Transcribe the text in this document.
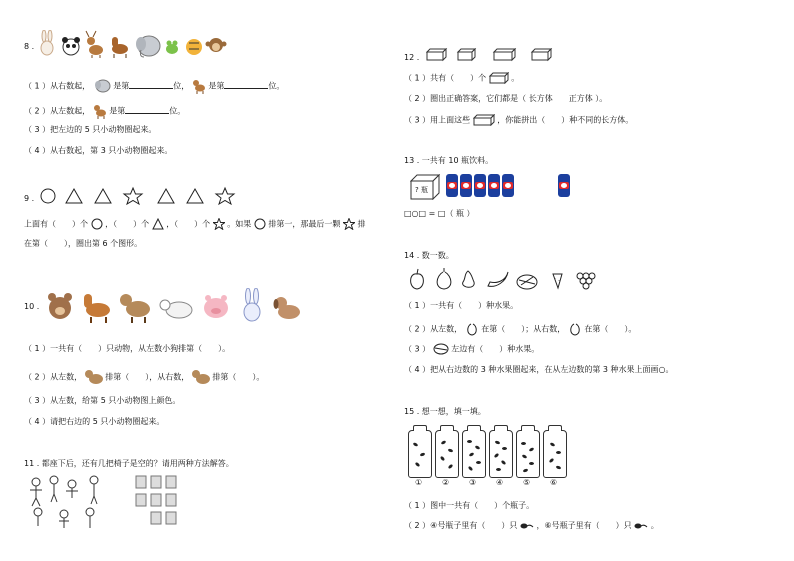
8 .
（ 1 ）从右数起，	是第	位， 是第	位。
（ 2 ）从左数起， 是第	位。
（ 3 ）把左边的 5 只小动物圈起来。
（ 4 ）从右数起，第 3 只小动物圈起来。
9 .
上面有（　　）个 ，（　　）个 ，（　　）个 。如果 排第一，那最后一颗 排
在第（　　），圈出第 6 个图形。
10 .
（ 1 ）一共有（　　）只动物，从左数小狗排第（　　）。
（ 2 ）从左数，	排第（　　），从右数，	排第（　　）。
（ 3 ）从左数，给第 5 只小动物图上颜色。
（ 4 ）请把右边的 5 只小动物圈起来。
11 . 都座下后，还有几把椅子是空的？请用两种方法解答。
12 .
（ 1 ）共有（　　）个	。
（ 2 ）圈出正确答案，它们都是（ 长方体　　正方体 ）。
（ 3 ）用上面这些	，你能拼出（　　）种不同的长方体。
13 . 一共有 10 瓶饮料。
? 瓶
□○□ = □（ 瓶 ）
14 . 数一数。
（ 1 ）一共有（　　）种水果。
（ 2 ）从左数， 在第（　　）；从右数， 在第（　　）。
（ 3 ）	左边有（　　）种水果。
（ 4 ）把从右边数的 3 种水果圈起来，在从左边数的第 3 种水果上面画○。
15 . 想一想，填一填。
① ② ③ ④ ⑤ ⑥
（ 1 ）图中一共有（　　）个瓶子。
（ 2 ）④号瓶子里有（　　）只 ，⑥号瓶子里有（　　）只 。
